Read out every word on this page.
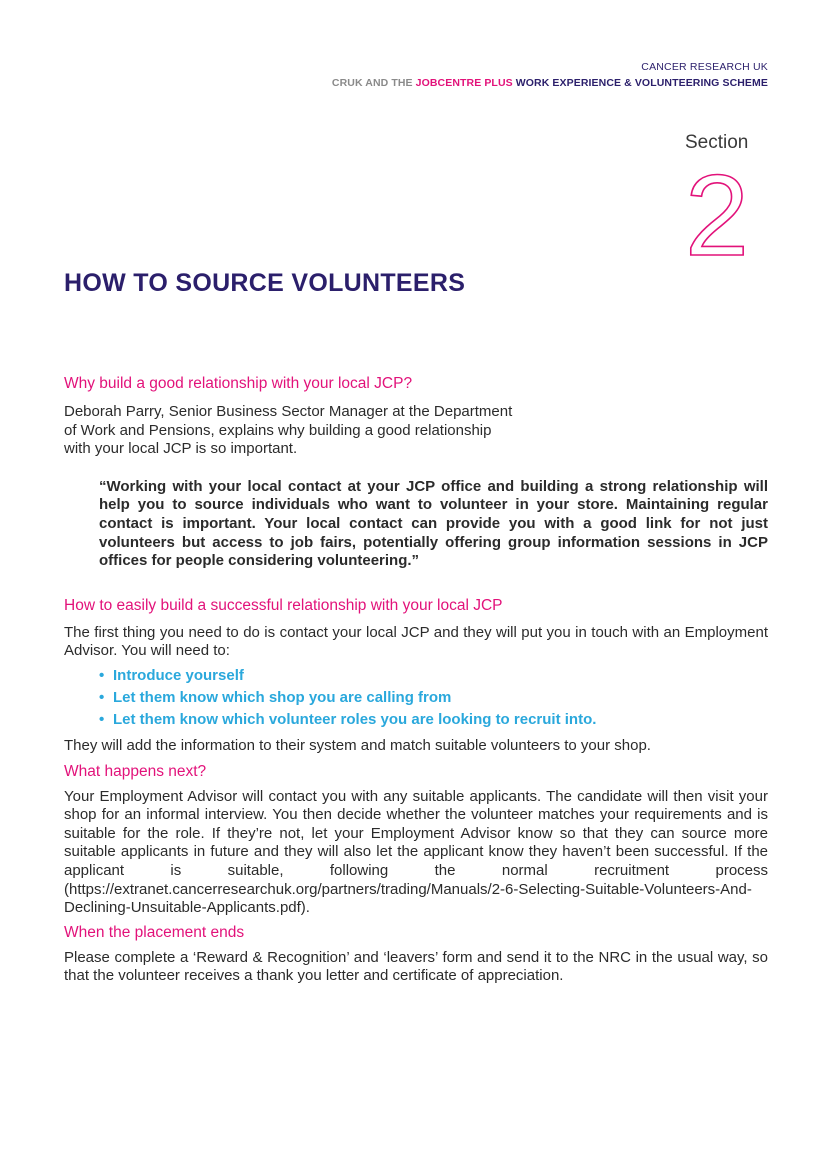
CANCER RESEARCH UK
CRUK AND THE JOBCENTRE PLUS WORK EXPERIENCE & VOLUNTEERING SCHEME
Section
2
HOW TO SOURCE VOLUNTEERS

Why build a good relationship with your local JCP?

Deborah Parry, Senior Business Sector Manager at the Department of Work and Pensions, explains why building a good relationship with your local JCP is so important.

“Working with your local contact at your JCP office and building a strong relationship will help you to source individuals who want to volunteer in your store. Maintaining regular contact is important. Your local contact can provide you with a good link for not just volunteers but access to job fairs, potentially offering group information sessions in JCP offices for people considering volunteering.”

How to easily build a successful relationship with your local JCP

The first thing you need to do is contact your local JCP and they will put you in touch with an Employment Advisor. You will need to:

• Introduce yourself
• Let them know which shop you are calling from
• Let them know which volunteer roles you are looking to recruit into.

They will add the information to their system and match suitable volunteers to your shop.

What happens next?

Your Employment Advisor will contact you with any suitable applicants. The candidate will then visit your shop for an informal interview. You then decide whether the volunteer matches your requirements and is suitable for the role. If they’re not, let your Employment Advisor know so that they can source more suitable applicants in future and they will also let the applicant know they haven’t been successful. If the applicant is suitable, following the normal recruitment process (https://extranet.cancerresearchuk.org/partners/trading/Manuals/2-6-Selecting-Suitable-Volunteers-And-Declining-Unsuitable-Applicants.pdf).

When the placement ends

Please complete a ‘Reward & Recognition’ and ‘leavers’ form and send it to the NRC in the usual way, so that the volunteer receives a thank you letter and certificate of appreciation.
